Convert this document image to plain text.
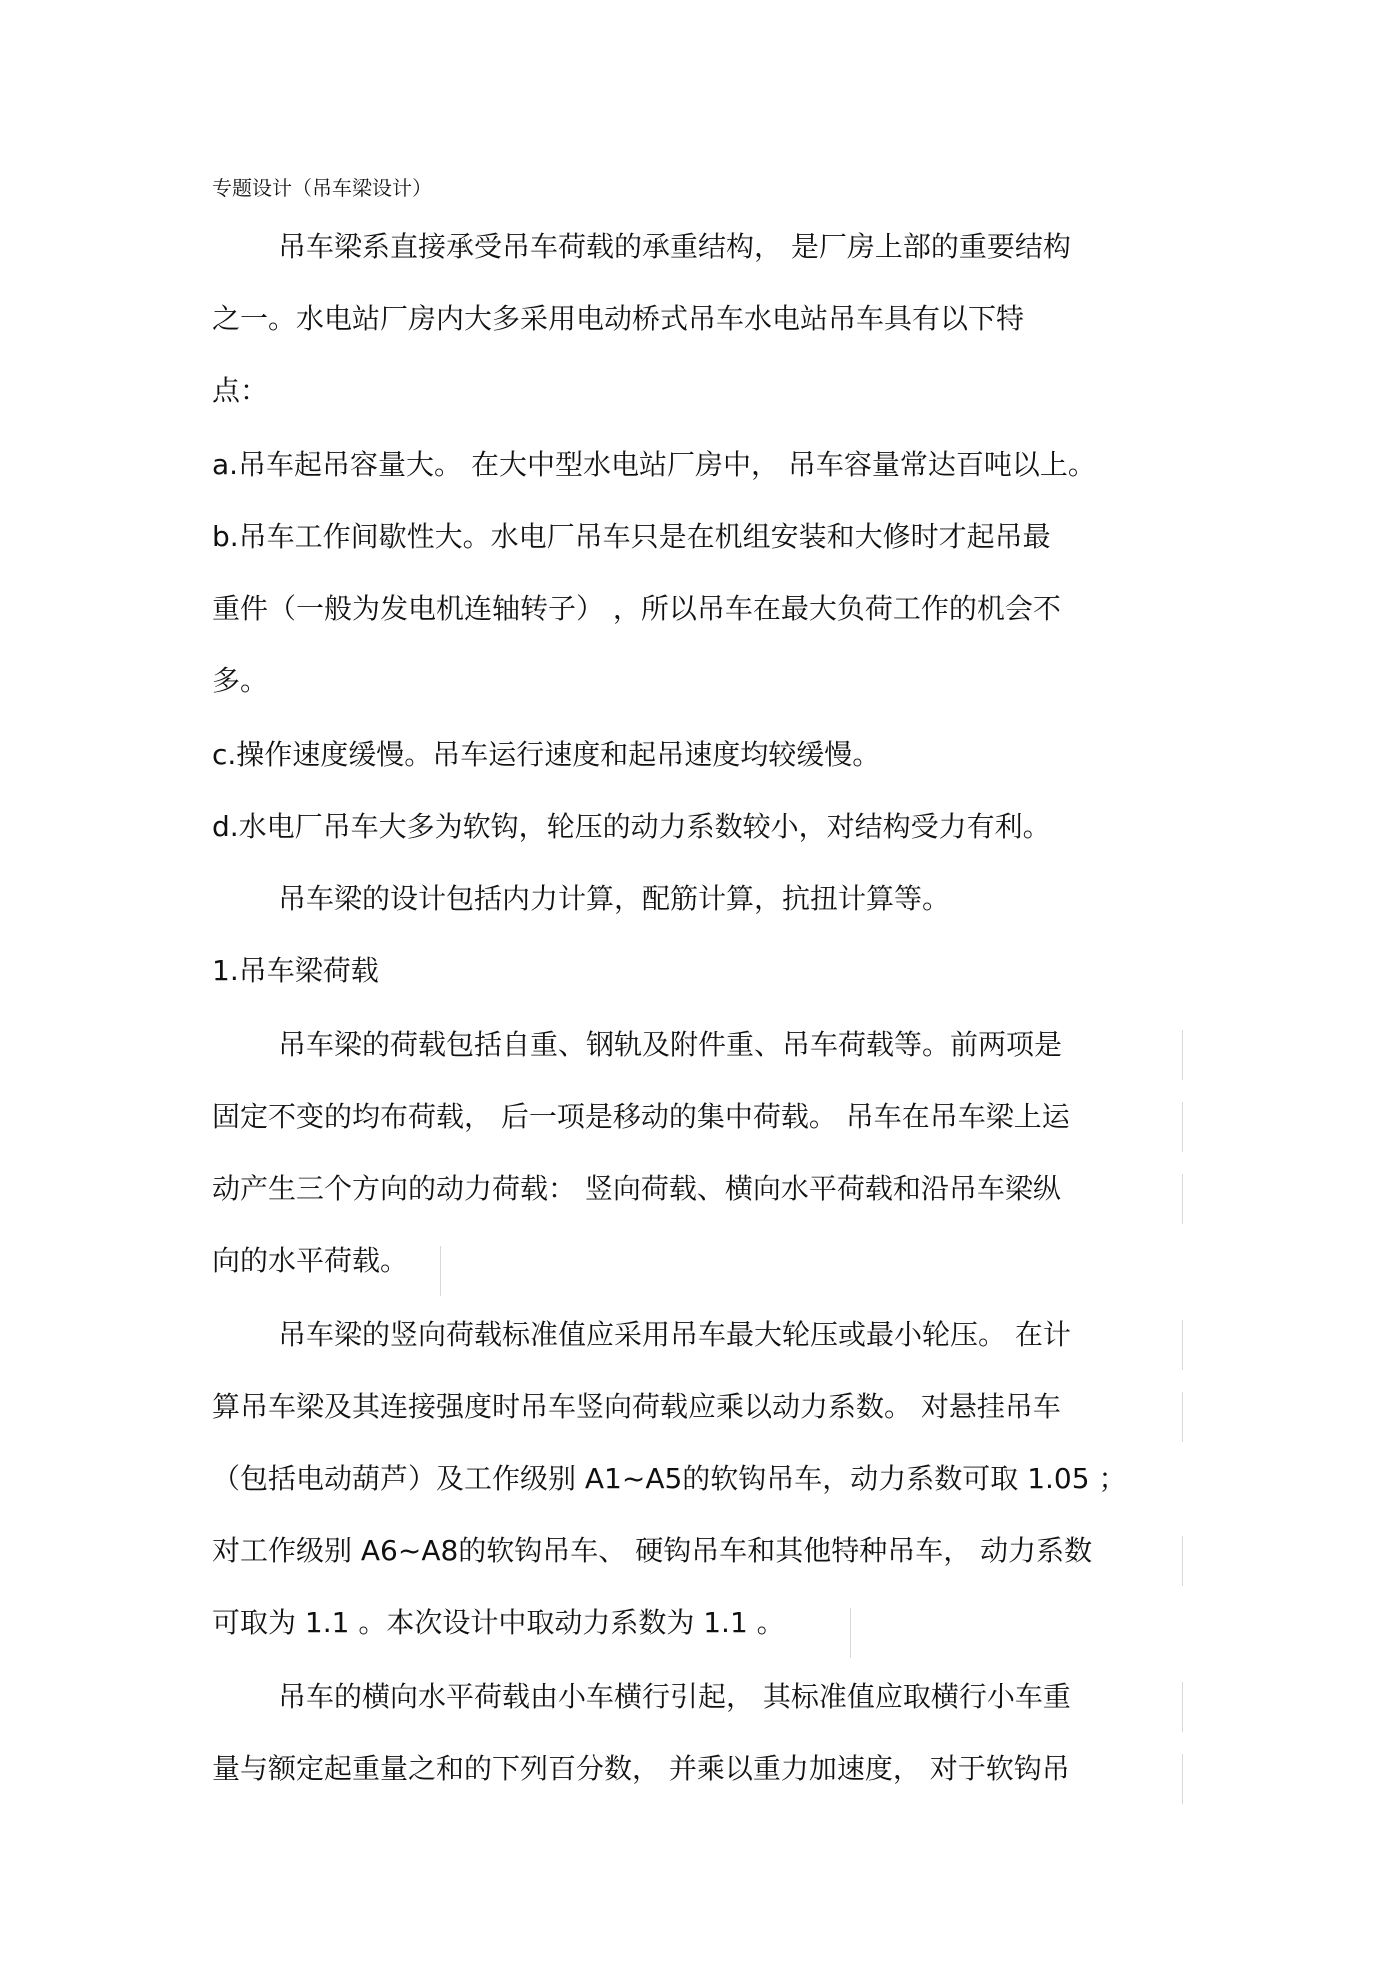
专题设计（吊车梁设计）
吊车梁系直接承受吊车荷载的承重结构， 是厂房上部的重要结构
之一。水电站厂房内大多采用电动桥式吊车水电站吊车具有以下特
点：
a.吊车起吊容量大。 在大中型水电站厂房中， 吊车容量常达百吨以上。
b.吊车工作间歇性大。水电厂吊车只是在机组安装和大修时才起吊最
重件（一般为发电机连轴转子） ，所以吊车在最大负荷工作的机会不
多。
c.操作速度缓慢。吊车运行速度和起吊速度均较缓慢。
d.水电厂吊车大多为软钩，轮压的动力系数较小，对结构受力有利。
吊车梁的设计包括内力计算，配筋计算，抗扭计算等。
1.吊车梁荷载
吊车梁的荷载包括自重、钢轨及附件重、吊车荷载等。前两项是
固定不变的均布荷载， 后一项是移动的集中荷载。 吊车在吊车梁上运
动产生三个方向的动力荷载： 竖向荷载、横向水平荷载和沿吊车梁纵
向的水平荷载。
吊车梁的竖向荷载标准值应采用吊车最大轮压或最小轮压。 在计
算吊车梁及其连接强度时吊车竖向荷载应乘以动力系数。 对悬挂吊车
（包括电动葫芦）及工作级别 A1~A5的软钩吊车，动力系数可取 1.05 ；
对工作级别 A6~A8的软钩吊车、 硬钩吊车和其他特种吊车， 动力系数
可取为 1.1 。本次设计中取动力系数为 1.1 。
吊车的横向水平荷载由小车横行引起， 其标准值应取横行小车重
量与额定起重量之和的下列百分数， 并乘以重力加速度， 对于软钩吊
